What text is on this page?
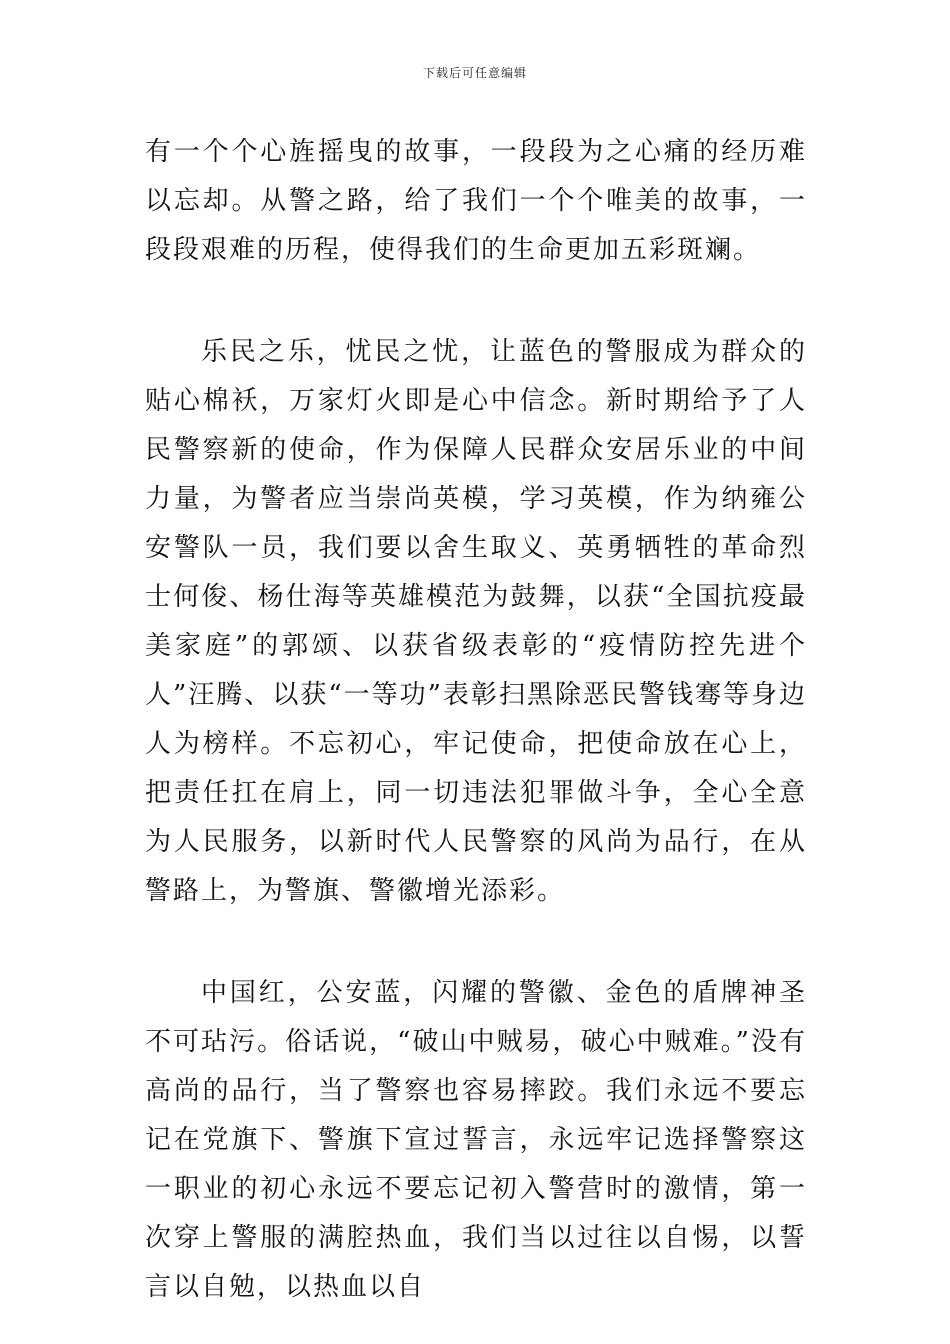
下载后可任意编辑

有一个个心旌摇曳的故事，一段段为之心痛的经历难以忘却。从警之路，给了我们一个个唯美的故事，一段段艰难的历程，使得我们的生命更加五彩斑斓。

乐民之乐，忧民之忧，让蓝色的警服成为群众的贴心棉袄，万家灯火即是心中信念。新时期给予了人民警察新的使命，作为保障人民群众安居乐业的中间力量，为警者应当崇尚英模，学习英模，作为纳雍公安警队一员，我们要以舍生取义、英勇牺牲的革命烈士何俊、杨仕海等英雄模范为鼓舞，以获“全国抗疫最美家庭”的郭颂、以获省级表彰的“疫情防控先进个人”汪腾、以获“一等功”表彰扫黑除恶民警钱骞等身边人为榜样。不忘初心，牢记使命，把使命放在心上，把责任扛在肩上，同一切违法犯罪做斗争，全心全意为人民服务，以新时代人民警察的风尚为品行，在从警路上，为警旗、警徽增光添彩。

中国红，公安蓝，闪耀的警徽、金色的盾牌神圣不可玷污。俗话说，“破山中贼易，破心中贼难。”没有高尚的品行，当了警察也容易摔跤。我们永远不要忘记在党旗下、警旗下宣过誓言，永远牢记选择警察这一职业的初心永远不要忘记初入警营时的激情，第一次穿上警服的满腔热血，我们当以过往以自惕，以誓言以自勉，以热血以自
